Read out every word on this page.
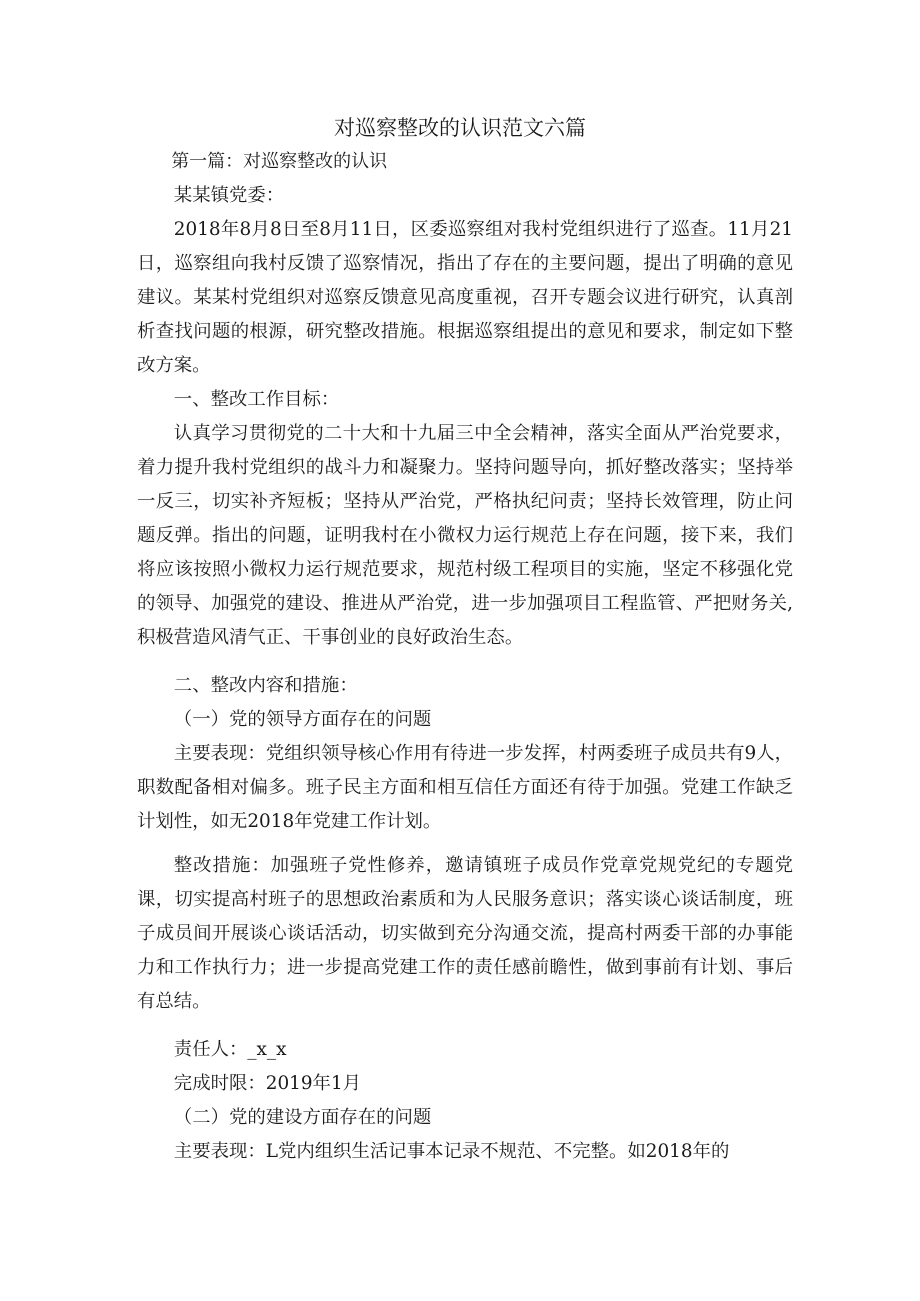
对巡察整改的认识范文六篇

第一篇：对巡察整改的认识

某某镇党委：

2018年8月8日至8月11日，区委巡察组对我村党组织进行了巡查。11月21日，巡察组向我村反馈了巡察情况，指出了存在的主要问题，提出了明确的意见建议。某某村党组织对巡察反馈意见高度重视，召开专题会议进行研究，认真剖析查找问题的根源，研究整改措施。根据巡察组提出的意见和要求，制定如下整改方案。

一、整改工作目标：

认真学习贯彻党的二十大和十九届三中全会精神，落实全面从严治党要求，着力提升我村党组织的战斗力和凝聚力。坚持问题导向，抓好整改落实；坚持举一反三，切实补齐短板；坚持从严治党，严格执纪问责；坚持长效管理，防止问题反弹。指出的问题，证明我村在小微权力运行规范上存在问题，接下来，我们将应该按照小微权力运行规范要求，规范村级工程项目的实施，坚定不移强化党的领导、加强党的建设、推进从严治党，进一步加强项目工程监管、严把财务关,积极营造风清气正、干事创业的良好政治生态。

二、整改内容和措施：

（一）党的领导方面存在的问题

主要表现：党组织领导核心作用有待进一步发挥，村两委班子成员共有9人，职数配备相对偏多。班子民主方面和相互信任方面还有待于加强。党建工作缺乏计划性，如无2018年党建工作计划。

整改措施：加强班子党性修养，邀请镇班子成员作党章党规党纪的专题党课，切实提高村班子的思想政治素质和为人民服务意识；落实谈心谈话制度，班子成员间开展谈心谈话活动，切实做到充分沟通交流，提高村两委干部的办事能力和工作执行力；进一步提高党建工作的责任感前瞻性，做到事前有计划、事后有总结。

责任人：_x_x

完成时限：2019年1月

（二）党的建设方面存在的问题

主要表现：L党内组织生活记事本记录不规范、不完整。如2018年的
